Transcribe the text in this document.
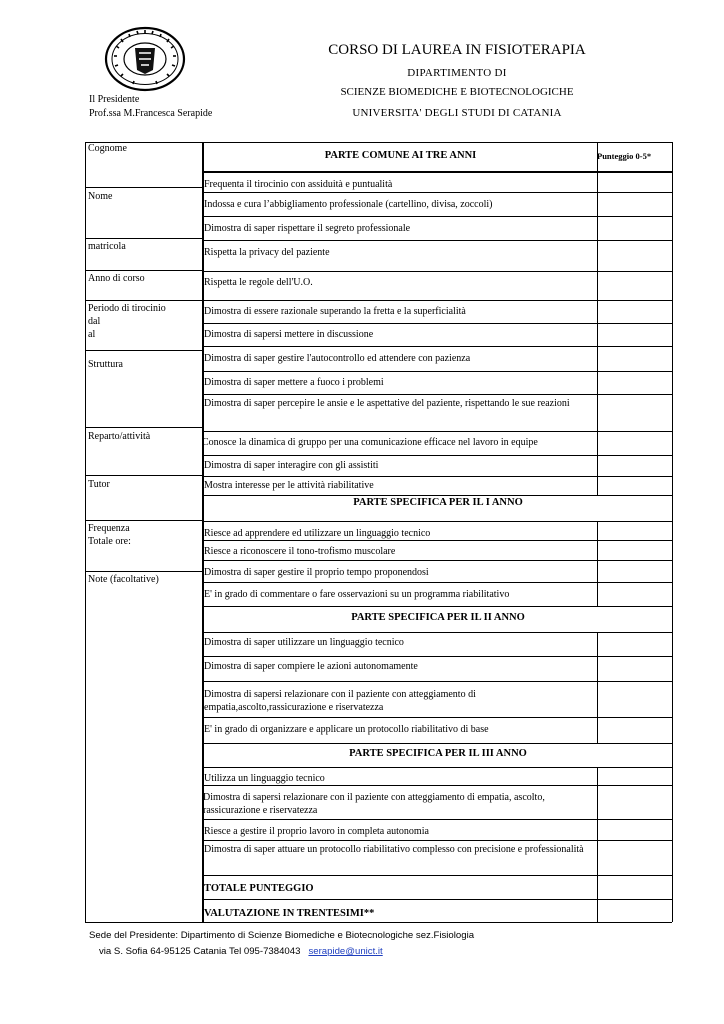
Il Presidente
Prof.ssa M.Francesca Serapide
CORSO DI LAUREA IN FISIOTERAPIA
DIPARTIMENTO DI
SCIENZE BIOMEDICHE E BIOTECNOLOGICHE
UNIVERSITA' DEGLI STUDI DI CATANIA
Cognome
Nome
matricola
Anno di corso
Periodo di tirocinio
dal
al
Struttura
Reparto/attività
Tutor
Frequenza
Totale ore:
Note (facoltative)
PARTE COMUNE AI TRE ANNI	Punteggio 0-5*
PARTE SPECIFICA PER IL I ANNO
PARTE SPECIFICA PER IL II ANNO
PARTE SPECIFICA PER IL III ANNO
Frequenta il tirocinio con assiduità e puntualità
Indossa e cura l’abbigliamento professionale (cartellino, divisa, zoccoli)
Dimostra di saper rispettare il segreto professionale
Rispetta la privacy del paziente
Rispetta le regole dell'U.O.
Dimostra di essere razionale superando la fretta e la superficialità
Dimostra di sapersi mettere in discussione
Dimostra di saper gestire l'autocontrollo ed attendere con pazienza
Dimostra di saper mettere a fuoco i problemi
Dimostra di saper percepire le ansie e le aspettative del paziente, rispettando le sue reazioni
Conosce la dinamica di gruppo per una comunicazione efficace nel lavoro in equipe
Dimostra di saper interagire con gli assistiti
Mostra interesse per le attività riabilitative
Riesce ad apprendere ed utilizzare un linguaggio tecnico
Riesce a riconoscere il tono-trofismo muscolare
Dimostra di saper gestire il proprio tempo proponendosi
E' in grado di commentare o fare osservazioni su un programma riabilitativo
Dimostra di saper utilizzare un linguaggio tecnico
Dimostra di saper compiere le azioni autonomamente
Dimostra di sapersi relazionare con il paziente con atteggiamento di empatia,ascolto,rassicurazione e riservatezza
E' in grado di organizzare e applicare un protocollo riabilitativo di base
Utilizza un linguaggio tecnico
Dimostra di sapersi relazionare con il paziente con atteggiamento di empatia, ascolto, rassicurazione e riservatezza
Riesce a gestire il proprio lavoro in completa autonomia
Dimostra di saper attuare un protocollo riabilitativo complesso con precisione e professionalità
TOTALE PUNTEGGIO
VALUTAZIONE IN TRENTESIMI**
Sede del Presidente: Dipartimento di Scienze Biomediche e Biotecnologiche sez.Fisiologia
via S. Sofia 64-95125 Catania Tel 095-7384043 serapide@unict.it
